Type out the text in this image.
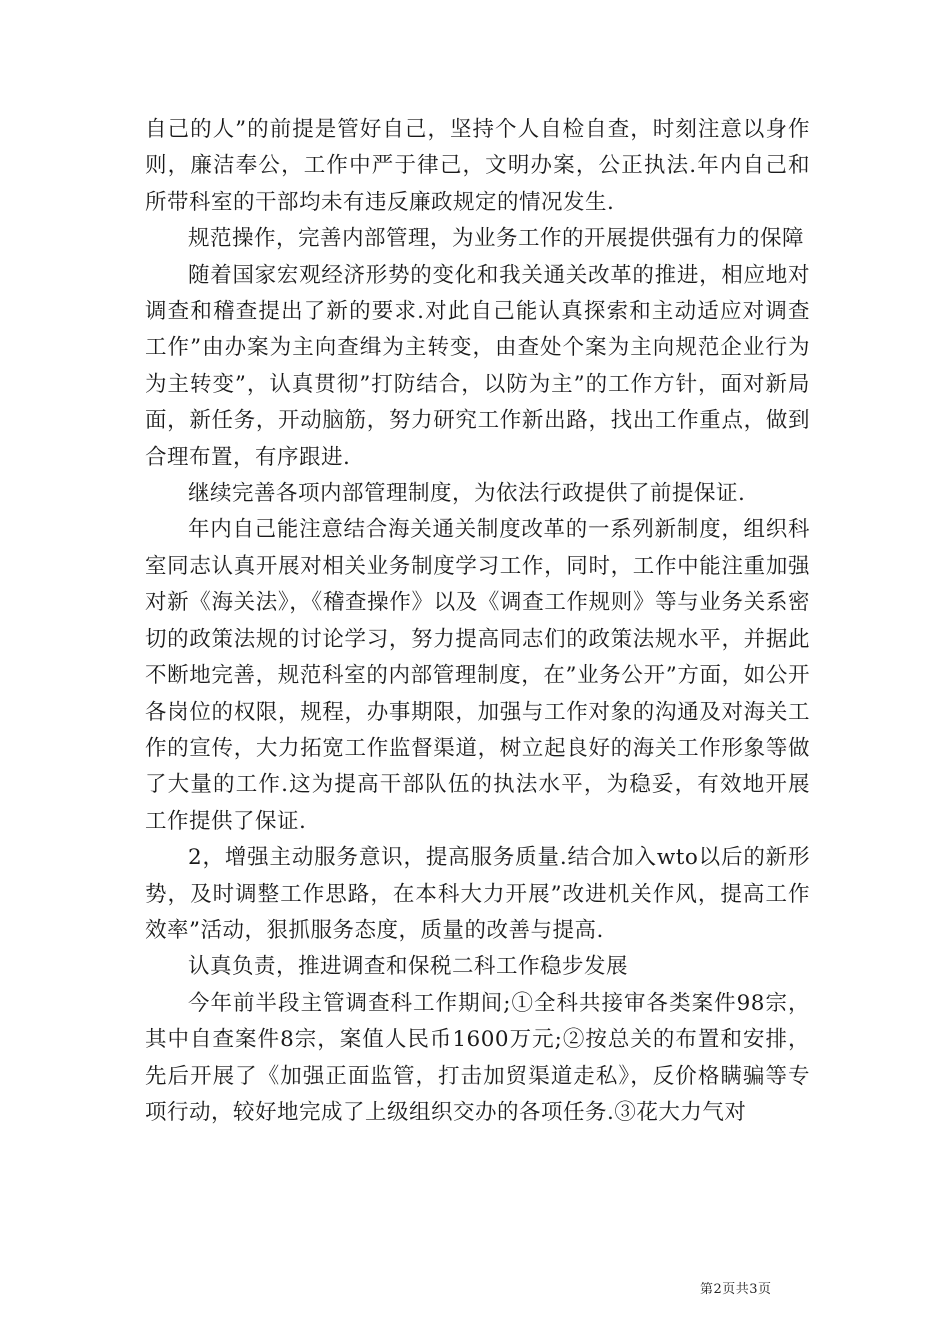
自己的人”的前提是管好自己，坚持个人自检自查，时刻注意以身作则，廉洁奉公，工作中严于律己，文明办案，公正执法.年内自己和所带科室的干部均未有违反廉政规定的情况发生.

规范操作，完善内部管理，为业务工作的开展提供强有力的保障

随着国家宏观经济形势的变化和我关通关改革的推进，相应地对调查和稽查提出了新的要求.对此自己能认真探索和主动适应对调查工作”由办案为主向查缉为主转变，由查处个案为主向规范企业行为为主转变”，认真贯彻”打防结合，以防为主”的工作方针，面对新局面，新任务，开动脑筋，努力研究工作新出路，找出工作重点，做到合理布置，有序跟进.

继续完善各项内部管理制度，为依法行政提供了前提保证.

年内自己能注意结合海关通关制度改革的一系列新制度，组织科室同志认真开展对相关业务制度学习工作，同时，工作中能注重加强对新《海关法》，《稽查操作》以及《调查工作规则》等与业务关系密切的政策法规的讨论学习，努力提高同志们的政策法规水平，并据此不断地完善，规范科室的内部管理制度，在”业务公开”方面，如公开各岗位的权限，规程，办事期限，加强与工作对象的沟通及对海关工作的宣传，大力拓宽工作监督渠道，树立起良好的海关工作形象等做了大量的工作.这为提高干部队伍的执法水平，为稳妥，有效地开展工作提供了保证.

2，增强主动服务意识，提高服务质量.结合加入wto以后的新形势，及时调整工作思路，在本科大力开展”改进机关作风，提高工作效率”活动，狠抓服务态度，质量的改善与提高.

认真负责，推进调查和保税二科工作稳步发展

今年前半段主管调查科工作期间;①全科共接审各类案件98宗，其中自查案件8宗，案值人民币1600万元;②按总关的布置和安排，先后开展了《加强正面监管，打击加贸渠道走私》，反价格瞒骗等专项行动，较好地完成了上级组织交办的各项任务.③花大力气对

第2页共3页
